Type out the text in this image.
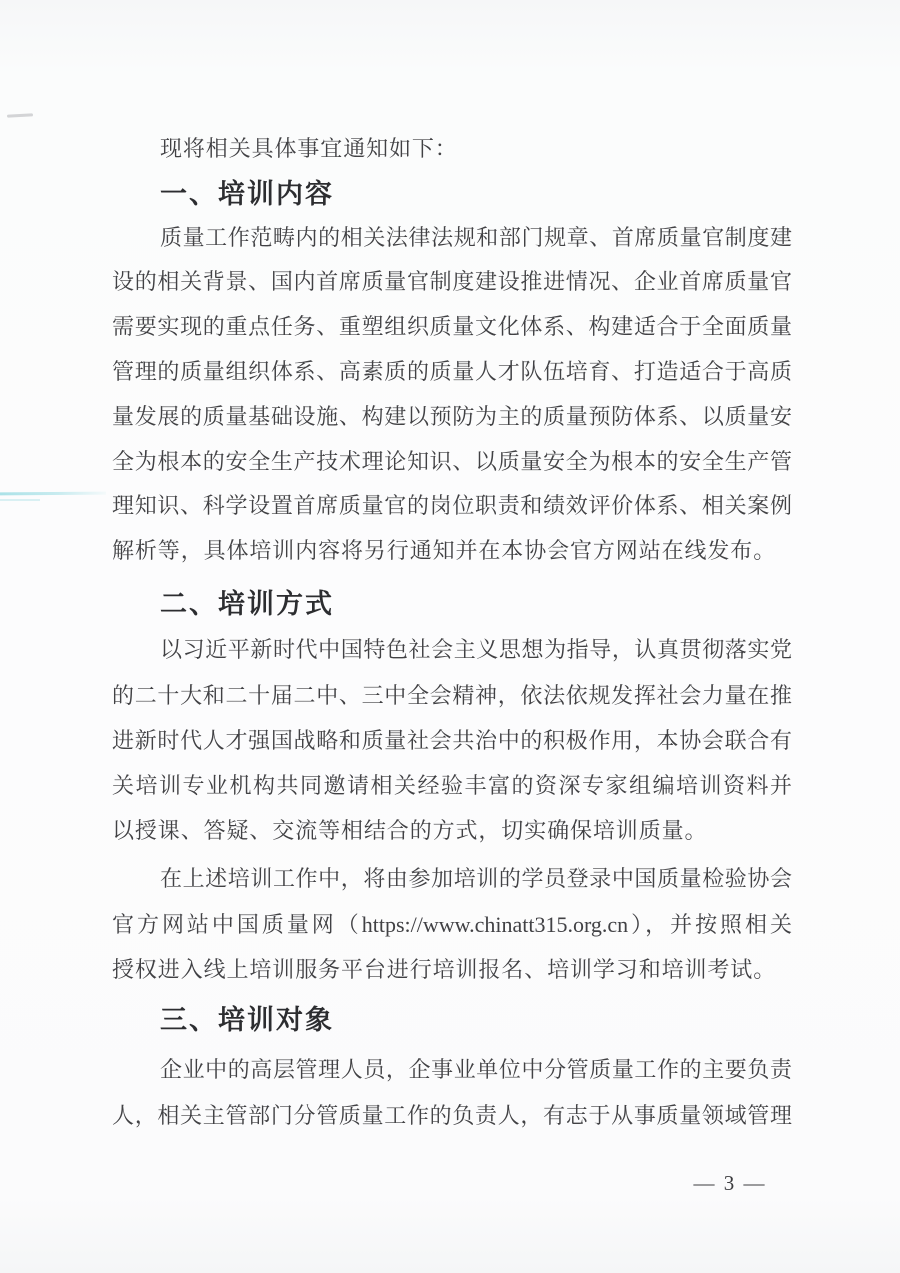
现将相关具体事宜通知如下：
一、培训内容
质量工作范畴内的相关法律法规和部门规章、首席质量官制度建
设的相关背景、国内首席质量官制度建设推进情况、企业首席质量官
需要实现的重点任务、重塑组织质量文化体系、构建适合于全面质量
管理的质量组织体系、高素质的质量人才队伍培育、打造适合于高质
量发展的质量基础设施、构建以预防为主的质量预防体系、以质量安
全为根本的安全生产技术理论知识、以质量安全为根本的安全生产管
理知识、科学设置首席质量官的岗位职责和绩效评价体系、相关案例
解析等，具体培训内容将另行通知并在本协会官方网站在线发布。
二、培训方式
以习近平新时代中国特色社会主义思想为指导，认真贯彻落实党
的二十大和二十届二中、三中全会精神，依法依规发挥社会力量在推
进新时代人才强国战略和质量社会共治中的积极作用，本协会联合有
关培训专业机构共同邀请相关经验丰富的资深专家组编培训资料并
以授课、答疑、交流等相结合的方式，切实确保培训质量。
在上述培训工作中，将由参加培训的学员登录中国质量检验协会
官方网站中国质量网（https://www.chinatt315.org.cn），并按照相关
授权进入线上培训服务平台进行培训报名、培训学习和培训考试。
三、培训对象
企业中的高层管理人员，企事业单位中分管质量工作的主要负责
人，相关主管部门分管质量工作的负责人，有志于从事质量领域管理
— 3 —
